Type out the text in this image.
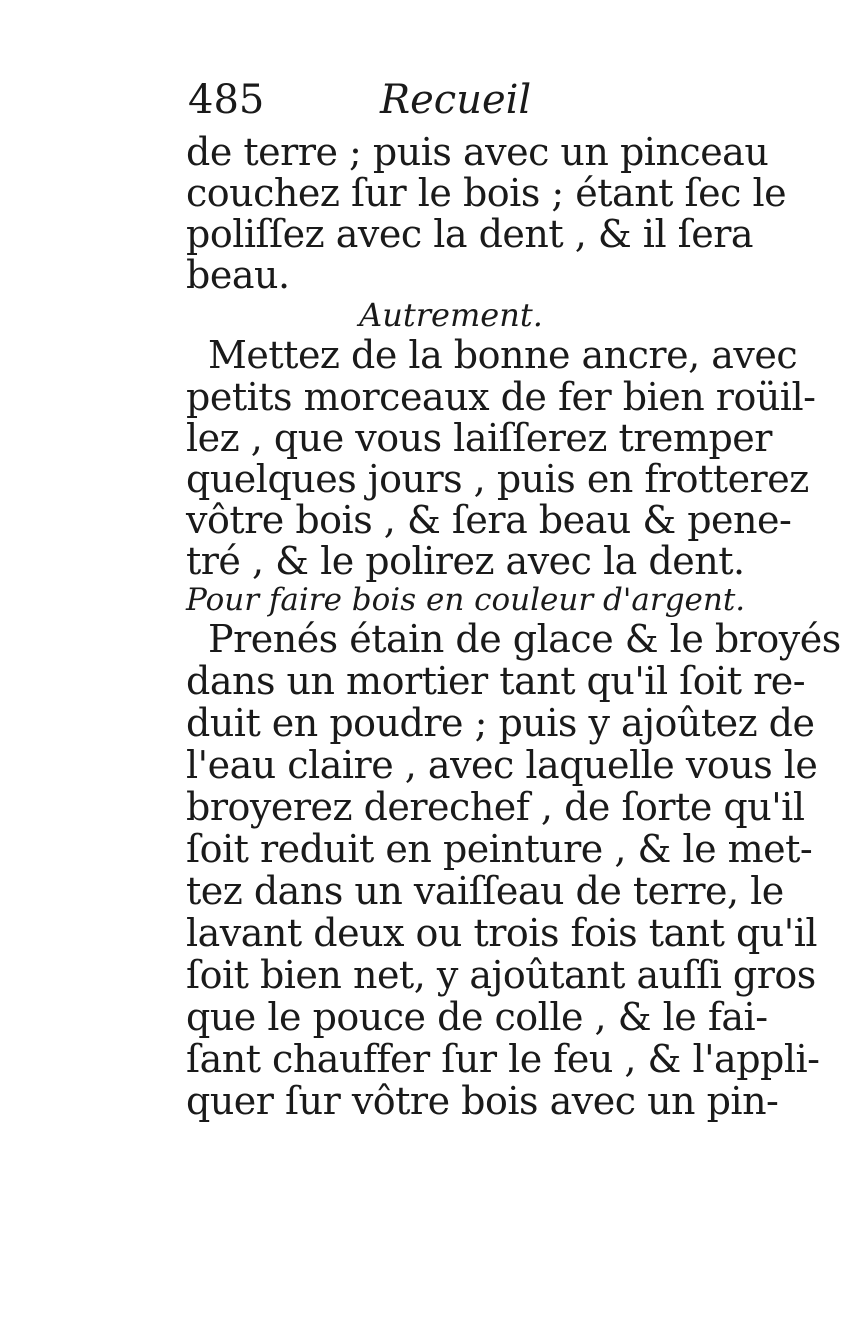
485	Recueil
de terre ; puis avec un pinceau
couchez ſur le bois ; étant ſec le
poliſſez avec la dent , & il ſera
beau.
Autrement.
Mettez de la bonne ancre, avec
petits morceaux de fer bien roüil-
lez , que vous laiſſerez tremper
quelques jours , puis en frotterez
vôtre bois , & ſera beau & pene-
tré , & le polirez avec la dent.
Pour faire bois en couleur d'argent.
Prenés étain de glace & le broyés
dans un mortier tant qu'il ſoit re-
duit en poudre ; puis y ajoûtez de
l'eau claire , avec laquelle vous le
broyerez derechef , de ſorte qu'il
ſoit reduit en peinture , & le met-
tez dans un vaiſſeau de terre, le
lavant deux ou trois fois tant qu'il
ſoit bien net, y ajoûtant auſſi gros
que le pouce de colle , & le fai-
ſant chauffer ſur le feu , & l'appli-
quer ſur vôtre bois avec un pin-
